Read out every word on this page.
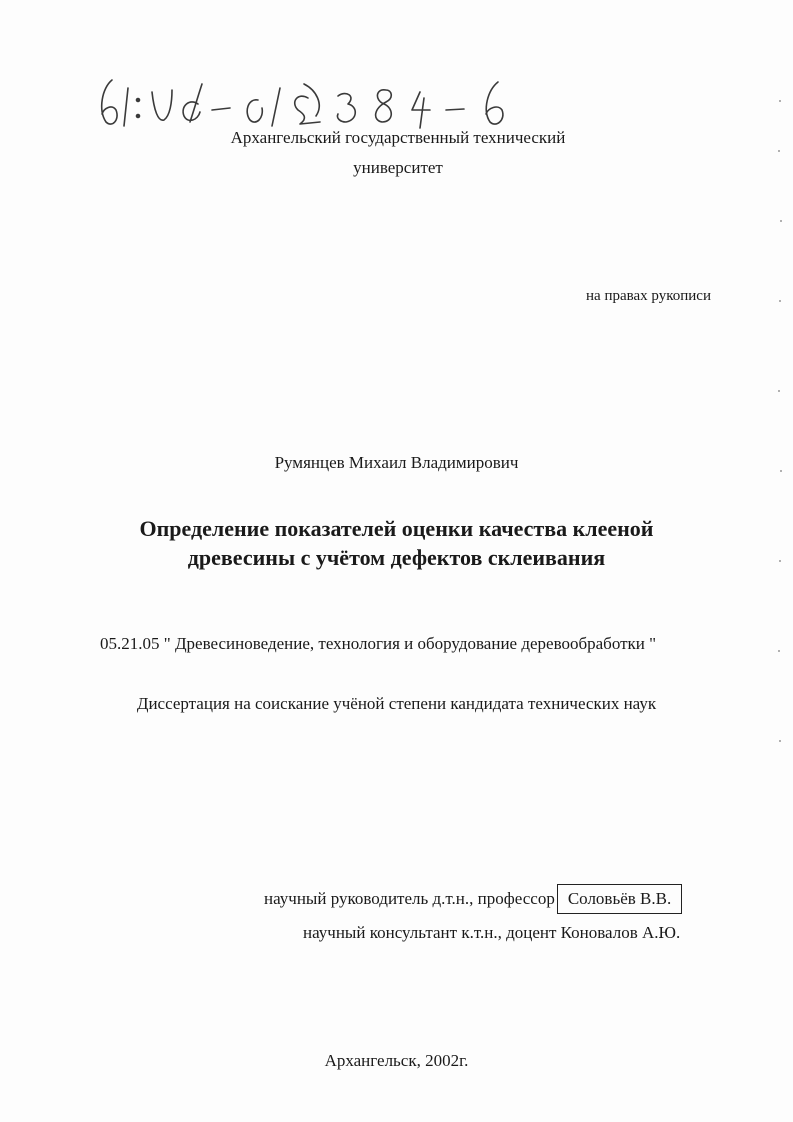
Архангельский государственный технический
университет
на правах рукописи
Румянцев Михаил Владимирович
Определение показателей оценки качества клееной
древесины с учётом дефектов склеивания
05.21.05 " Древесиноведение, технология и оборудование деревообработки "
Диссертация на соискание учёной степени кандидата технических наук
научный руководитель д.т.н., профессор Соловьёв В.В.
научный консультант к.т.н., доцент Коновалов А.Ю.
Архангельск, 2002г.
